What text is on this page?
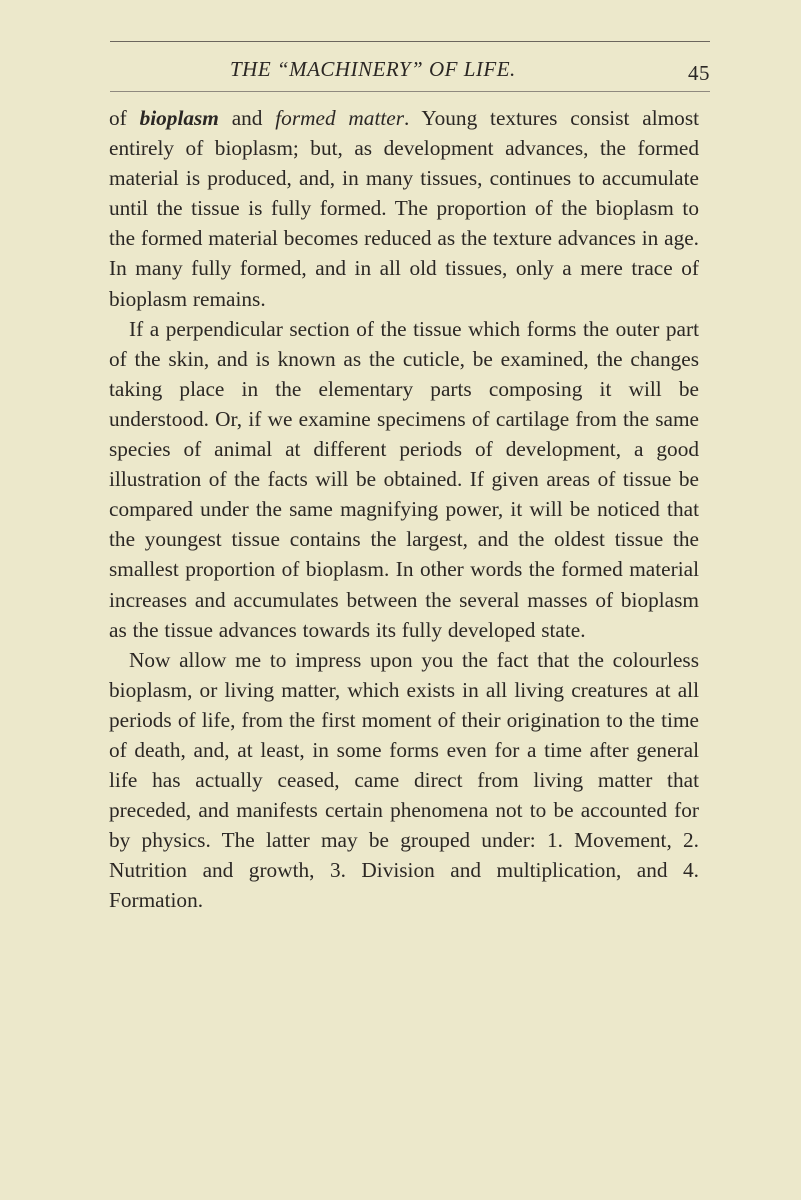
THE “MACHINERY” OF LIFE.	45

of bioplasm and formed matter. Young textures consist almost entirely of bioplasm; but, as development advances, the formed material is produced, and, in many tissues, continues to accumulate until the tissue is fully formed. The proportion of the bioplasm to the formed material becomes reduced as the texture advances in age. In many fully formed, and in all old tissues, only a mere trace of bioplasm remains.

If a perpendicular section of the tissue which forms the outer part of the skin, and is known as the cuticle, be examined, the changes taking place in the elementary parts composing it will be understood. Or, if we examine specimens of cartilage from the same species of animal at different periods of development, a good illustration of the facts will be obtained. If given areas of tissue be compared under the same magnifying power, it will be noticed that the youngest tissue contains the largest, and the oldest tissue the smallest proportion of bioplasm. In other words the formed material increases and accumulates between the several masses of bioplasm as the tissue advances towards its fully developed state.

Now allow me to impress upon you the fact that the colourless bioplasm, or living matter, which exists in all living creatures at all periods of life, from the first moment of their origination to the time of death, and, at least, in some forms even for a time after general life has actually ceased, came direct from living matter that preceded, and manifests certain phenomena not to be accounted for by physics. The latter may be grouped under: 1. Movement, 2. Nutrition and growth, 3. Division and multiplication, and 4. Formation.
